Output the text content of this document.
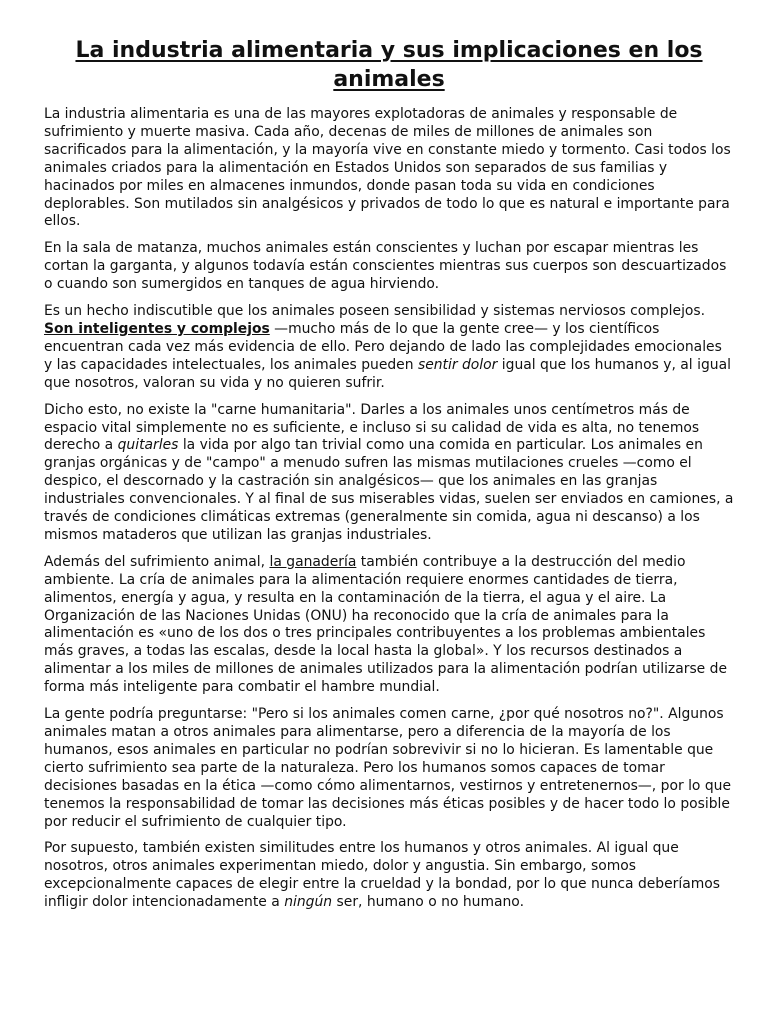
La industria alimentaria y sus implicaciones en los animales

La industria alimentaria es una de las mayores explotadoras de animales y responsable de sufrimiento y muerte masiva. Cada año, decenas de miles de millones de animales son sacrificados para la alimentación, y la mayoría vive en constante miedo y tormento. Casi todos los animales criados para la alimentación en Estados Unidos son separados de sus familias y hacinados por miles en almacenes inmundos, donde pasan toda su vida en condiciones deplorables. Son mutilados sin analgésicos y privados de todo lo que es natural e importante para ellos.

En la sala de matanza, muchos animales están conscientes y luchan por escapar mientras les cortan la garganta, y algunos todavía están conscientes mientras sus cuerpos son descuartizados o cuando son sumergidos en tanques de agua hirviendo.

Es un hecho indiscutible que los animales poseen sensibilidad y sistemas nerviosos complejos. Son inteligentes y complejos —mucho más de lo que la gente cree— y los científicos encuentran cada vez más evidencia de ello. Pero dejando de lado las complejidades emocionales y las capacidades intelectuales, los animales pueden sentir dolor igual que los humanos y, al igual que nosotros, valoran su vida y no quieren sufrir.

Dicho esto, no existe la "carne humanitaria". Darles a los animales unos centímetros más de espacio vital simplemente no es suficiente, e incluso si su calidad de vida es alta, no tenemos derecho a quitarles la vida por algo tan trivial como una comida en particular. Los animales en granjas orgánicas y de "campo" a menudo sufren las mismas mutilaciones crueles —como el despico, el descornado y la castración sin analgésicos— que los animales en las granjas industriales convencionales. Y al final de sus miserables vidas, suelen ser enviados en camiones, a través de condiciones climáticas extremas (generalmente sin comida, agua ni descanso) a los mismos mataderos que utilizan las granjas industriales.

Además del sufrimiento animal, la ganadería también contribuye a la destrucción del medio ambiente. La cría de animales para la alimentación requiere enormes cantidades de tierra, alimentos, energía y agua, y resulta en la contaminación de la tierra, el agua y el aire. La Organización de las Naciones Unidas (ONU) ha reconocido que la cría de animales para la alimentación es «uno de los dos o tres principales contribuyentes a los problemas ambientales más graves, a todas las escalas, desde la local hasta la global». Y los recursos destinados a alimentar a los miles de millones de animales utilizados para la alimentación podrían utilizarse de forma más inteligente para combatir el hambre mundial.

La gente podría preguntarse: "Pero si los animales comen carne, ¿por qué nosotros no?". Algunos animales matan a otros animales para alimentarse, pero a diferencia de la mayoría de los humanos, esos animales en particular no podrían sobrevivir si no lo hicieran. Es lamentable que cierto sufrimiento sea parte de la naturaleza. Pero los humanos somos capaces de tomar decisiones basadas en la ética —como cómo alimentarnos, vestirnos y entretenernos—, por lo que tenemos la responsabilidad de tomar las decisiones más éticas posibles y de hacer todo lo posible por reducir el sufrimiento de cualquier tipo.

Por supuesto, también existen similitudes entre los humanos y otros animales. Al igual que nosotros, otros animales experimentan miedo, dolor y angustia. Sin embargo, somos excepcionalmente capaces de elegir entre la crueldad y la bondad, por lo que nunca deberíamos infligir dolor intencionadamente a ningún ser, humano o no humano.
